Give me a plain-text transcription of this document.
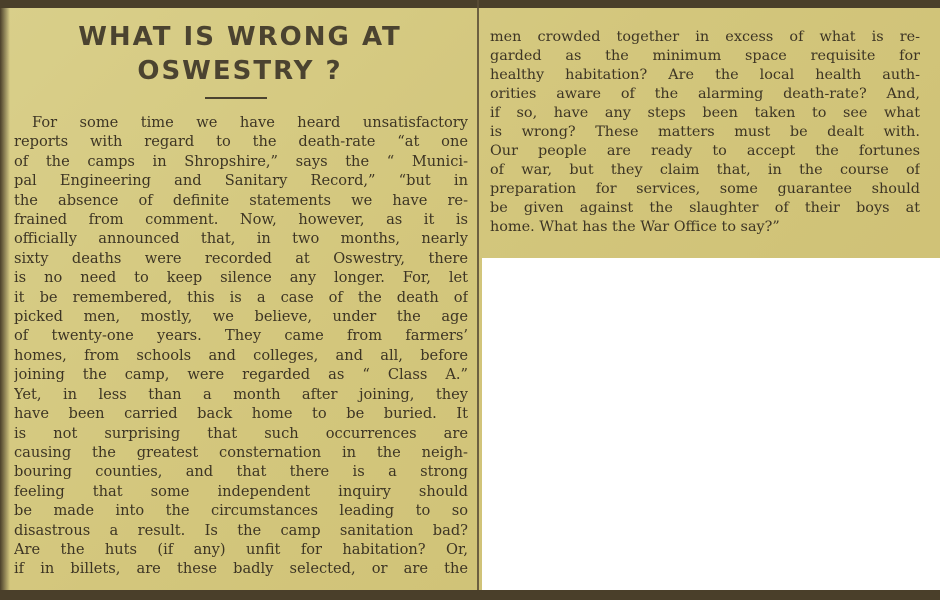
WHAT IS WRONG AT
OSWESTRY ?
For some time we have heard unsatisfactory
reports with regard to the death-rate “at one
of the camps in Shropshire,” says the “ Munici-
pal Engineering and Sanitary Record,” “but in
the absence of definite statements we have re-
frained from comment. Now, however, as it is
officially announced that, in two months, nearly
sixty deaths were recorded at Oswestry, there
is no need to keep silence any longer. For, let
it be remembered, this is a case of the death of
picked men, mostly, we believe, under the age
of twenty-one years. They came from farmers’
homes, from schools and colleges, and all, before
joining the camp, were regarded as “ Class A.”
Yet, in less than a month after joining, they
have been carried back home to be buried. It
is not surprising that such occurrences are
causing the greatest consternation in the neigh-
bouring counties, and that there is a strong
feeling that some independent inquiry should
be made into the circumstances leading to so
disastrous a result. Is the camp sanitation bad?
Are the huts (if any) unfit for habitation? Or,
if in billets, are these badly selected, or are the
men crowded together in excess of what is re-
garded as the minimum space requisite for
healthy habitation? Are the local health auth-
orities aware of the alarming death-rate? And,
if so, have any steps been taken to see what
is wrong? These matters must be dealt with.
Our people are ready to accept the fortunes
of war, but they claim that, in the course of
preparation for services, some guarantee should
be given against the slaughter of their boys at
home. What has the War Office to say?”
